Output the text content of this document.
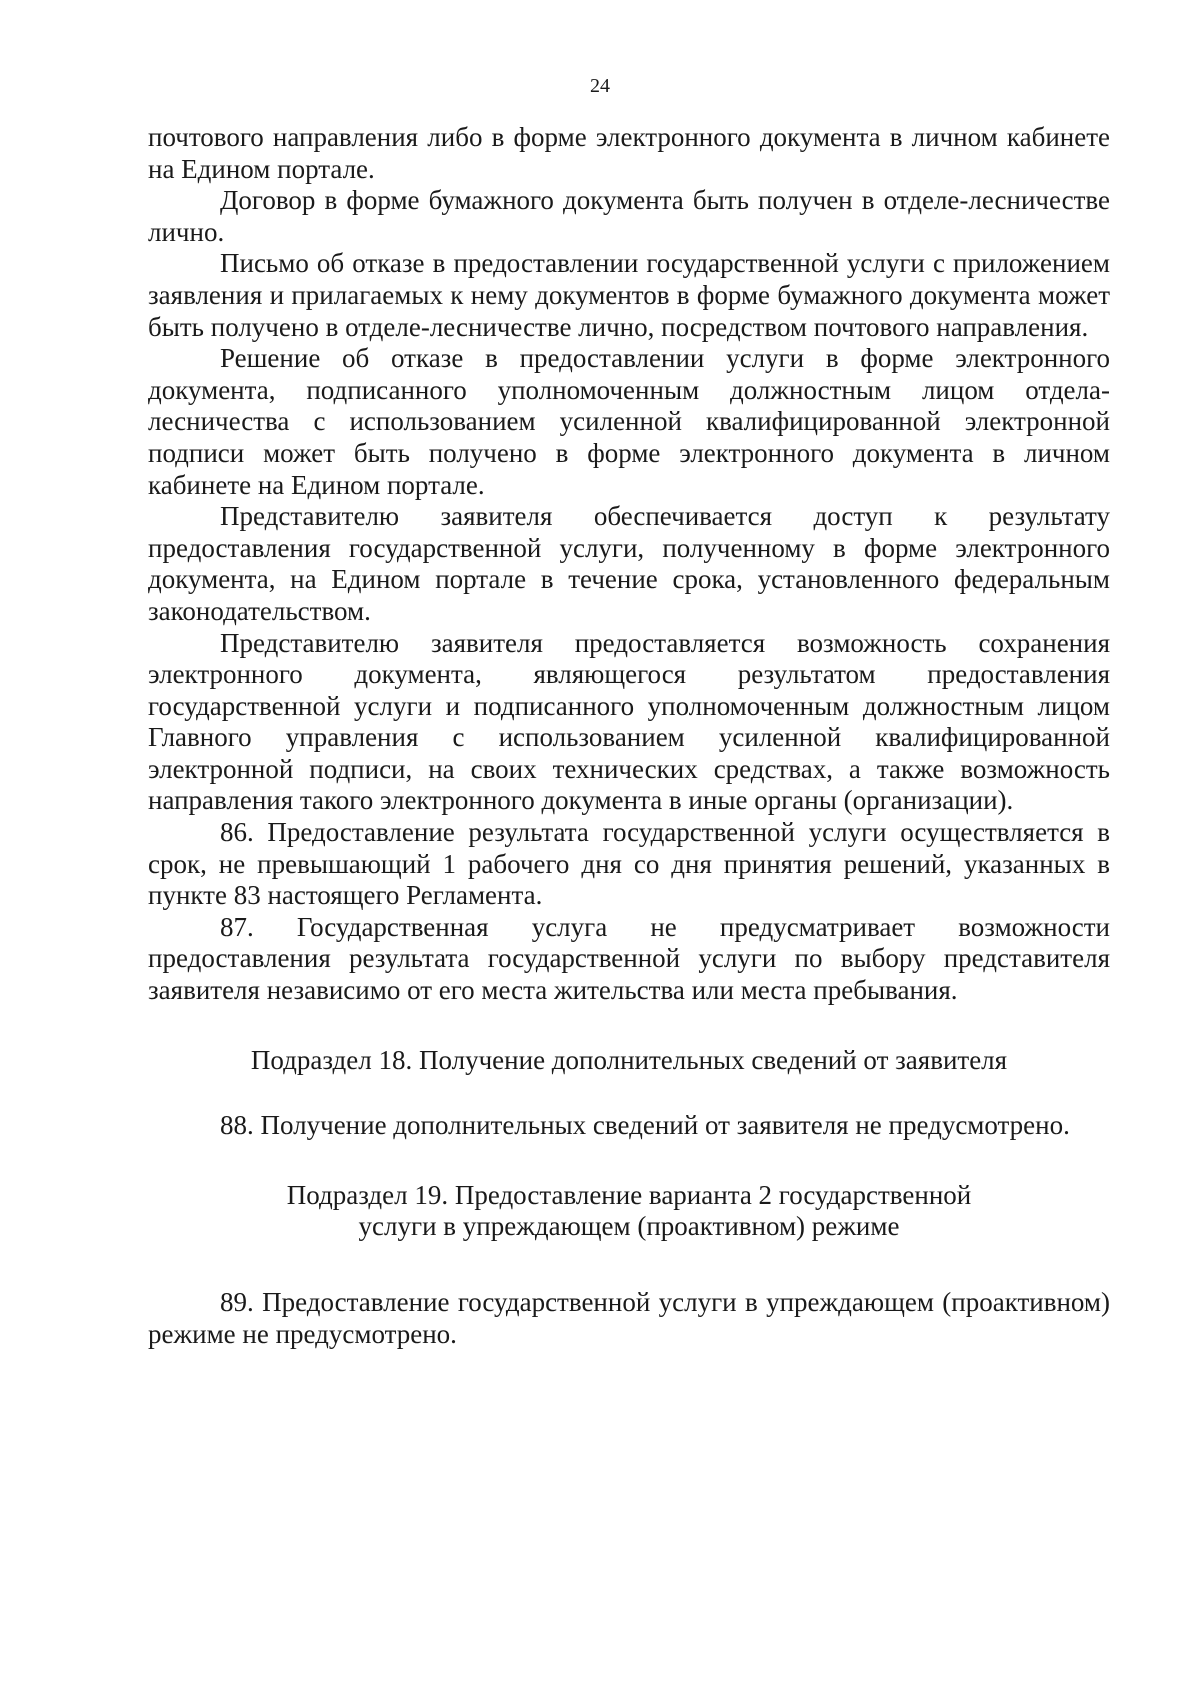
24

почтового направления либо в форме электронного документа в личном кабинете на Едином портале.

Договор в форме бумажного документа быть получен в отделе-лесничестве лично.

Письмо об отказе в предоставлении государственной услуги с приложением заявления и прилагаемых к нему документов в форме бумажного документа может быть получено в отделе-лесничестве лично, посредством почтового направления.

Решение об отказе в предоставлении услуги в форме электронного документа, подписанного уполномоченным должностным лицом отдела-лесничества с использованием усиленной квалифицированной электронной подписи может быть получено в форме электронного документа в личном кабинете на Едином портале.

Представителю заявителя обеспечивается доступ к результату предоставления государственной услуги, полученному в форме электронного документа, на Едином портале в течение срока, установленного федеральным законодательством.

Представителю заявителя предоставляется возможность сохранения электронного документа, являющегося результатом предоставления государственной услуги и подписанного уполномоченным должностным лицом Главного управления с использованием усиленной квалифицированной электронной подписи, на своих технических средствах, а также возможность направления такого электронного документа в иные органы (организации).

86. Предоставление результата государственной услуги осуществляется в срок, не превышающий 1 рабочего дня со дня принятия решений, указанных в пункте 83 настоящего Регламента.

87. Государственная услуга не предусматривает возможности предоставления результата государственной услуги по выбору представителя заявителя независимо от его места жительства или места пребывания.

Подраздел 18. Получение дополнительных сведений от заявителя

88. Получение дополнительных сведений от заявителя не предусмотрено.

Подраздел 19. Предоставление варианта 2 государственной
услуги в упреждающем (проактивном) режиме

89. Предоставление государственной услуги в упреждающем (проактивном) режиме не предусмотрено.
